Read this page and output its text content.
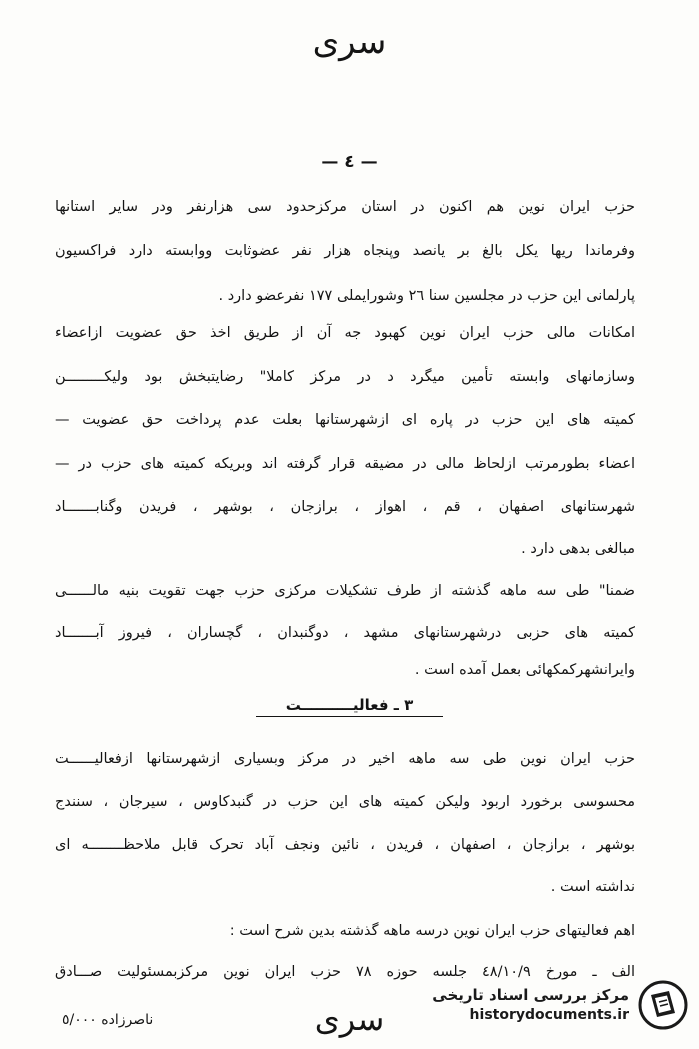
سری
— ٤ —
حزب ایران نوین هم اکنون در استان مرکزحدود سی هزارنفر ودر سایر استانها
وفرماندا ریها یکل بالغ بر یانصد وپنجاه هزار نفر عضوثابت ووابسته دارد فراکسیون
پارلمانی این حزب در مجلسین سنا ٢٦ وشورایملی ١٧٧ نفرعضو دارد .
امکانات مالی حزب ایران نوین کهبود جه آن از طریق اخذ حق عضویت ازاعضاء
وسازمانهای وابسته تأمین میگرد د در مرکز کاملا" رضایتبخش بود ولیکـــــــــن
کمیته های این حزب در پاره ای ازشهرستانها بعلت عدم پرداخت حق عضویت —
اعضاء بطورمرتب ازلحاظ مالی در مضیقه قرار گرفته اند وبریکه کمیته های حزب در —
شهرستانهای اصفهان ، قم ، اهواز ، برازجان ، بوشهر ، فریدن وگنابـــــــاد
مبالغی بدهی دارد .
ضمنا" طی سه ماهه گذشته از طرف تشکیلات مرکزی حزب جهت تقویت بنیه مالــــــی
کمیته های حزبی درشهرستانهای مشهد ، دوگنبدان ، گچساران ، فیروز آبـــــــاد
وایرانشهرکمکهائی بعمل آمده است .
٣ ـ فعالیــــــــــت
حزب ایران نوین طی سه ماهه اخیر در مرکز وبسیاری ازشهرستانها ازفعالیــــــت
محسوسی برخورد اربود ولیکن کمیته های این حزب در گنبدکاوس ، سیرجان ، سنندج
بوشهر ، برازجان ، اصفهان ، فریدن ، نائین ونجف آباد تحرک قابل ملاحظــــــــه ای
نداشته است .
اهم فعالیتهای حزب ایران نوین درسه ماهه گذشته بدین شرح است :
الف ـ مورخ ٤٨/١٠/٩ جلسه حوزه ٧٨ حزب ایران نوین مرکزبمسئولیت صـــادق
سری
ناصرزاده ٥/٠٠٠
مرکز بررسی اسناد تاریخی
historydocuments.ir
